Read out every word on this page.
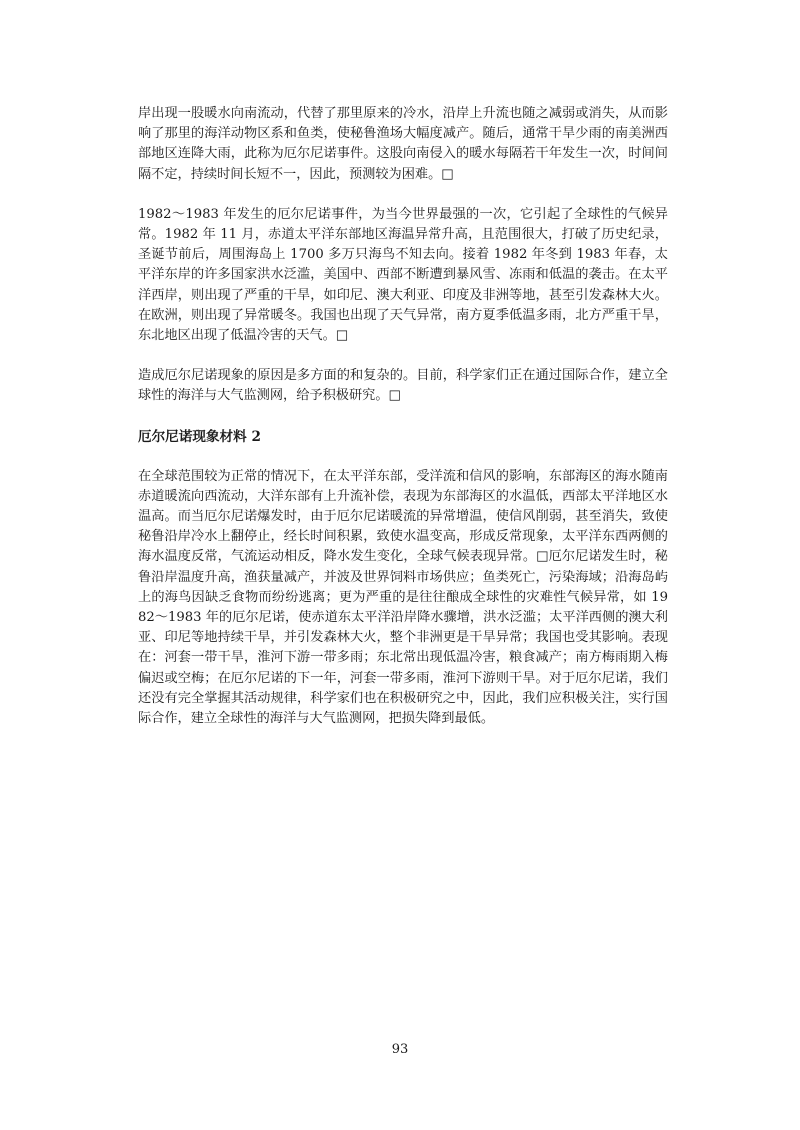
岸出现一股暖水向南流动，代替了那里原来的冷水，沿岸上升流也随之减弱或消失，从而影响了那里的海洋动物区系和鱼类，使秘鲁渔场大幅度减产。随后，通常干旱少雨的南美洲西部地区连降大雨，此称为厄尔尼诺事件。这股向南侵入的暖水每隔若干年发生一次，时间间隔不定，持续时间长短不一，因此，预测较为困难。□

1982～1983 年发生的厄尔尼诺事件，为当今世界最强的一次，它引起了全球性的气候异常。1982 年 11 月，赤道太平洋东部地区海温异常升高，且范围很大，打破了历史纪录，圣诞节前后，周围海岛上 1700 多万只海鸟不知去向。接着 1982 年冬到 1983 年春，太平洋东岸的许多国家洪水泛滥，美国中、西部不断遭到暴风雪、冻雨和低温的袭击。在太平洋西岸，则出现了严重的干旱，如印尼、澳大利亚、印度及非洲等地，甚至引发森林大火。在欧洲，则出现了异常暖冬。我国也出现了天气异常，南方夏季低温多雨，北方严重干旱，东北地区出现了低温冷害的天气。□

造成厄尔尼诺现象的原因是多方面的和复杂的。目前，科学家们正在通过国际合作，建立全球性的海洋与大气监测网，给予积极研究。□

厄尔尼诺现象材料 2

在全球范围较为正常的情况下，在太平洋东部，受洋流和信风的影响，东部海区的海水随南赤道暖流向西流动，大洋东部有上升流补偿，表现为东部海区的水温低，西部太平洋地区水温高。而当厄尔尼诺爆发时，由于厄尔尼诺暖流的异常增温，使信风削弱，甚至消失，致使秘鲁沿岸冷水上翻停止，经长时间积累，致使水温变高，形成反常现象，太平洋东西两侧的海水温度反常，气流运动相反，降水发生变化，全球气候表现异常。□厄尔尼诺发生时，秘鲁沿岸温度升高，渔获量减产，并波及世界饲料市场供应；鱼类死亡，污染海域；沿海岛屿上的海鸟因缺乏食物而纷纷逃离；更为严重的是往往酿成全球性的灾难性气候异常，如 1982～1983 年的厄尔尼诺，使赤道东太平洋沿岸降水骤增，洪水泛滥；太平洋西侧的澳大利亚、印尼等地持续干旱，并引发森林大火，整个非洲更是干旱异常；我国也受其影响。表现在：河套一带干旱，淮河下游一带多雨；东北常出现低温冷害，粮食减产；南方梅雨期入梅偏迟或空梅；在厄尔尼诺的下一年，河套一带多雨，淮河下游则干旱。对于厄尔尼诺，我们还没有完全掌握其活动规律，科学家们也在积极研究之中，因此，我们应积极关注，实行国际合作，建立全球性的海洋与大气监测网，把损失降到最低。

93
